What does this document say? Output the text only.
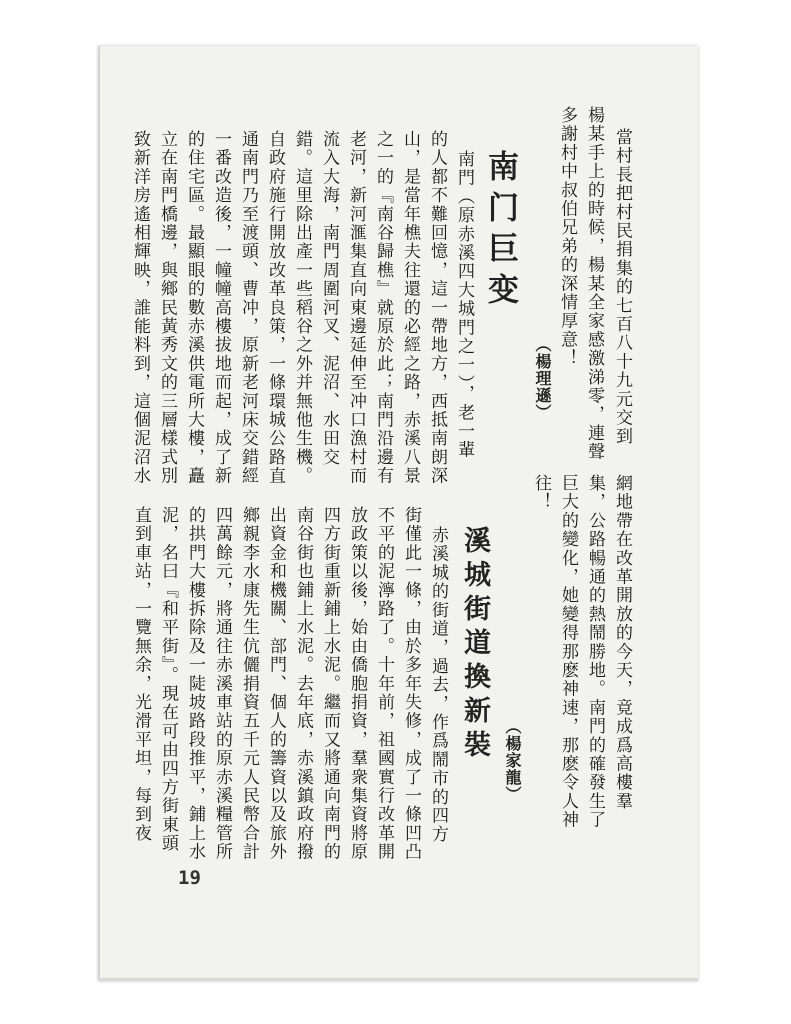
當村長把村民捐集的七百八十九元交到
楊某手上的時候，楊某全家感激涕零，連聲
多謝村中叔伯兄弟的深情厚意！
（楊理遜）
南门巨变
南門（原赤溪四大城門之一），老一輩
的人都不難回憶，這一帶地方，西抵南朗深
山，是當年樵夫往還的必經之路，赤溪八景
之一的『南谷歸樵』就原於此；南門沿邊有
老河，新河滙集直向東邊延伸至冲口漁村而
流入大海，南門周圍河叉、泥沼、水田交
錯。這里除出產一些稻谷之外并無他生機。
自政府施行開放改革良策，一條環城公路直
通南門乃至渡頭、曹冲，原新老河床交錯經
一番改造後，一幢幢高樓拔地而起，成了新
的住宅區。最顯眼的數赤溪供電所大樓，矗
立在南門橋邊，與鄉民黃秀文的三層樣式別
致新洋房遙相輝映，誰能料到，這個泥沼水
網地帶在改革開放的今天，竟成爲高樓羣
集，公路暢通的熱鬧勝地。南門的確發生了
巨大的變化，她變得那麽神速，那麽令人神
往！
（楊家龍）
溪城街道換新裝
赤溪城的街道，過去，作爲鬧市的四方
街僅此一條，由於多年失修，成了一條凹凸
不平的泥濘路了。十年前，祖國實行改革開
放政策以後，始由僑胞捐資，羣衆集資將原
四方街重新鋪上水泥。繼而又將通向南門的
南谷街也鋪上水泥。去年底，赤溪鎮政府撥
出資金和機關、部門、個人的籌資以及旅外
鄉親李水康先生伉儷捐資五千元人民幣合計
四萬餘元，將通往赤溪車站的原赤溪糧管所
的拱門大樓拆除及一陡坡路段推平，鋪上水
泥，名曰『和平街』。現在可由四方街東頭
直到車站，一覽無余，光滑平坦，每到夜
19
